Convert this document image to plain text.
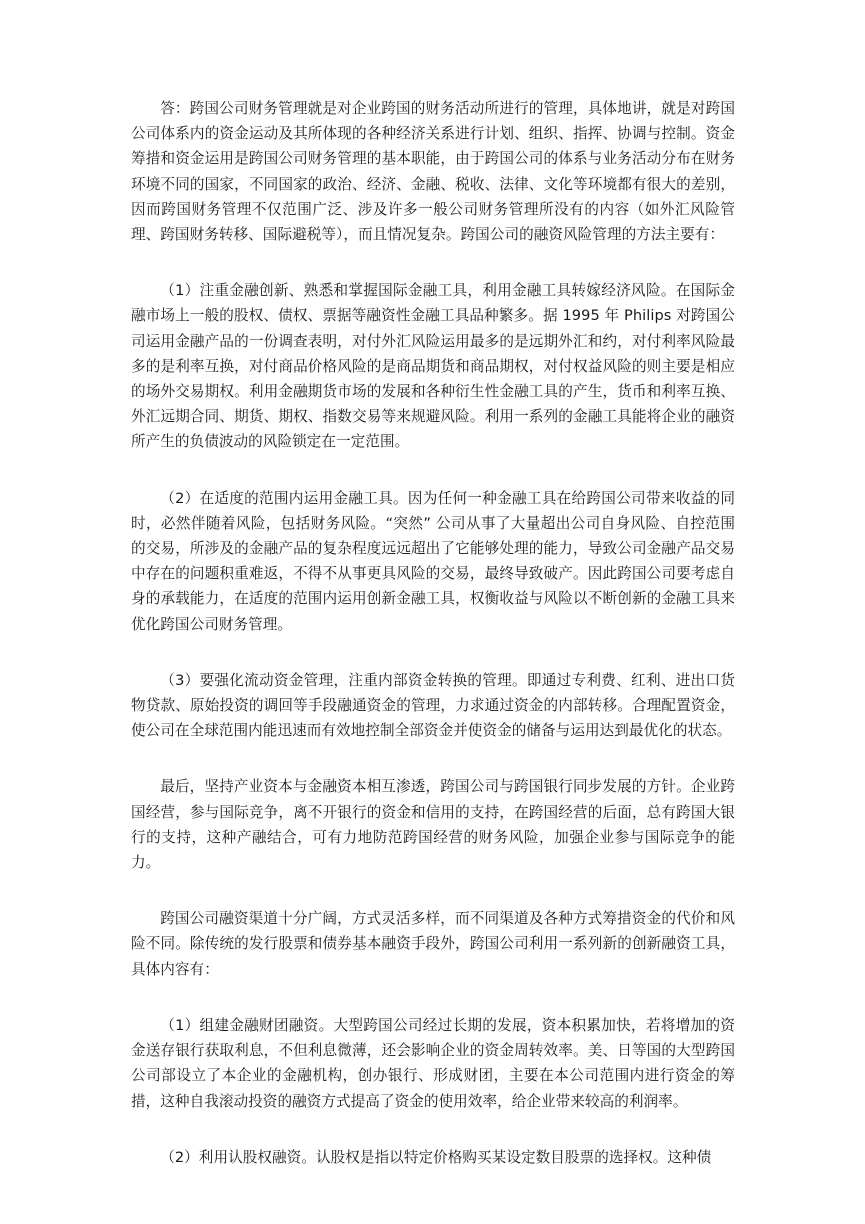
答：跨国公司财务管理就是对企业跨国的财务活动所进行的管理，具体地讲，就是对跨国公司体系内的资金运动及其所体现的各种经济关系进行计划、组织、指挥、协调与控制。资金筹措和资金运用是跨国公司财务管理的基本职能，由于跨国公司的体系与业务活动分布在财务环境不同的国家，不同国家的政治、经济、金融、税收、法律、文化等环境都有很大的差别，因而跨国财务管理不仅范围广泛、涉及许多一般公司财务管理所没有的内容（如外汇风险管理、跨国财务转移、国际避税等），而且情况复杂。跨国公司的融资风险管理的方法主要有：

（1）注重金融创新、熟悉和掌握国际金融工具，利用金融工具转嫁经济风险。在国际金融市场上一般的股权、债权、票据等融资性金融工具品种繁多。据 1995 年 Philips 对跨国公司运用金融产品的一份调查表明，对付外汇风险运用最多的是远期外汇和约，对付利率风险最多的是利率互换，对付商品价格风险的是商品期货和商品期权，对付权益风险的则主要是相应的场外交易期权。利用金融期货市场的发展和各种衍生性金融工具的产生，货币和利率互换、外汇远期合同、期货、期权、指数交易等来规避风险。利用一系列的金融工具能将企业的融资所产生的负债波动的风险锁定在一定范围。

（2）在适度的范围内运用金融工具。因为任何一种金融工具在给跨国公司带来收益的同时，必然伴随着风险，包括财务风险。“突然” 公司从事了大量超出公司自身风险、自控范围的交易，所涉及的金融产品的复杂程度远远超出了它能够处理的能力，导致公司金融产品交易中存在的问题积重难返，不得不从事更具风险的交易，最终导致破产。因此跨国公司要考虑自身的承载能力，在适度的范围内运用创新金融工具，权衡收益与风险以不断创新的金融工具来优化跨国公司财务管理。

（3）要强化流动资金管理，注重内部资金转换的管理。即通过专利费、红利、进出口货物贷款、原始投资的调回等手段融通资金的管理，力求通过资金的内部转移。合理配置资金，使公司在全球范围内能迅速而有效地控制全部资金并使资金的储备与运用达到最优化的状态。

最后，坚持产业资本与金融资本相互渗透，跨国公司与跨国银行同步发展的方针。企业跨国经营，参与国际竞争，离不开银行的资金和信用的支持，在跨国经营的后面，总有跨国大银行的支持，这种产融结合，可有力地防范跨国经营的财务风险，加强企业参与国际竞争的能力。

跨国公司融资渠道十分广阔，方式灵活多样，而不同渠道及各种方式筹措资金的代价和风险不同。除传统的发行股票和债券基本融资手段外，跨国公司利用一系列新的创新融资工具，具体内容有：

（1）组建金融财团融资。大型跨国公司经过长期的发展，资本积累加快，若将增加的资金送存银行获取利息，不但利息微薄，还会影响企业的资金周转效率。美、日等国的大型跨国公司部设立了本企业的金融机构，创办银行、形成财团，主要在本公司范围内进行资金的筹措，这种自我滚动投资的融资方式提高了资金的使用效率，给企业带来较高的利润率。

（2）利用认股权融资。认股权是指以特定价格购买某设定数目股票的选择权。这种债
